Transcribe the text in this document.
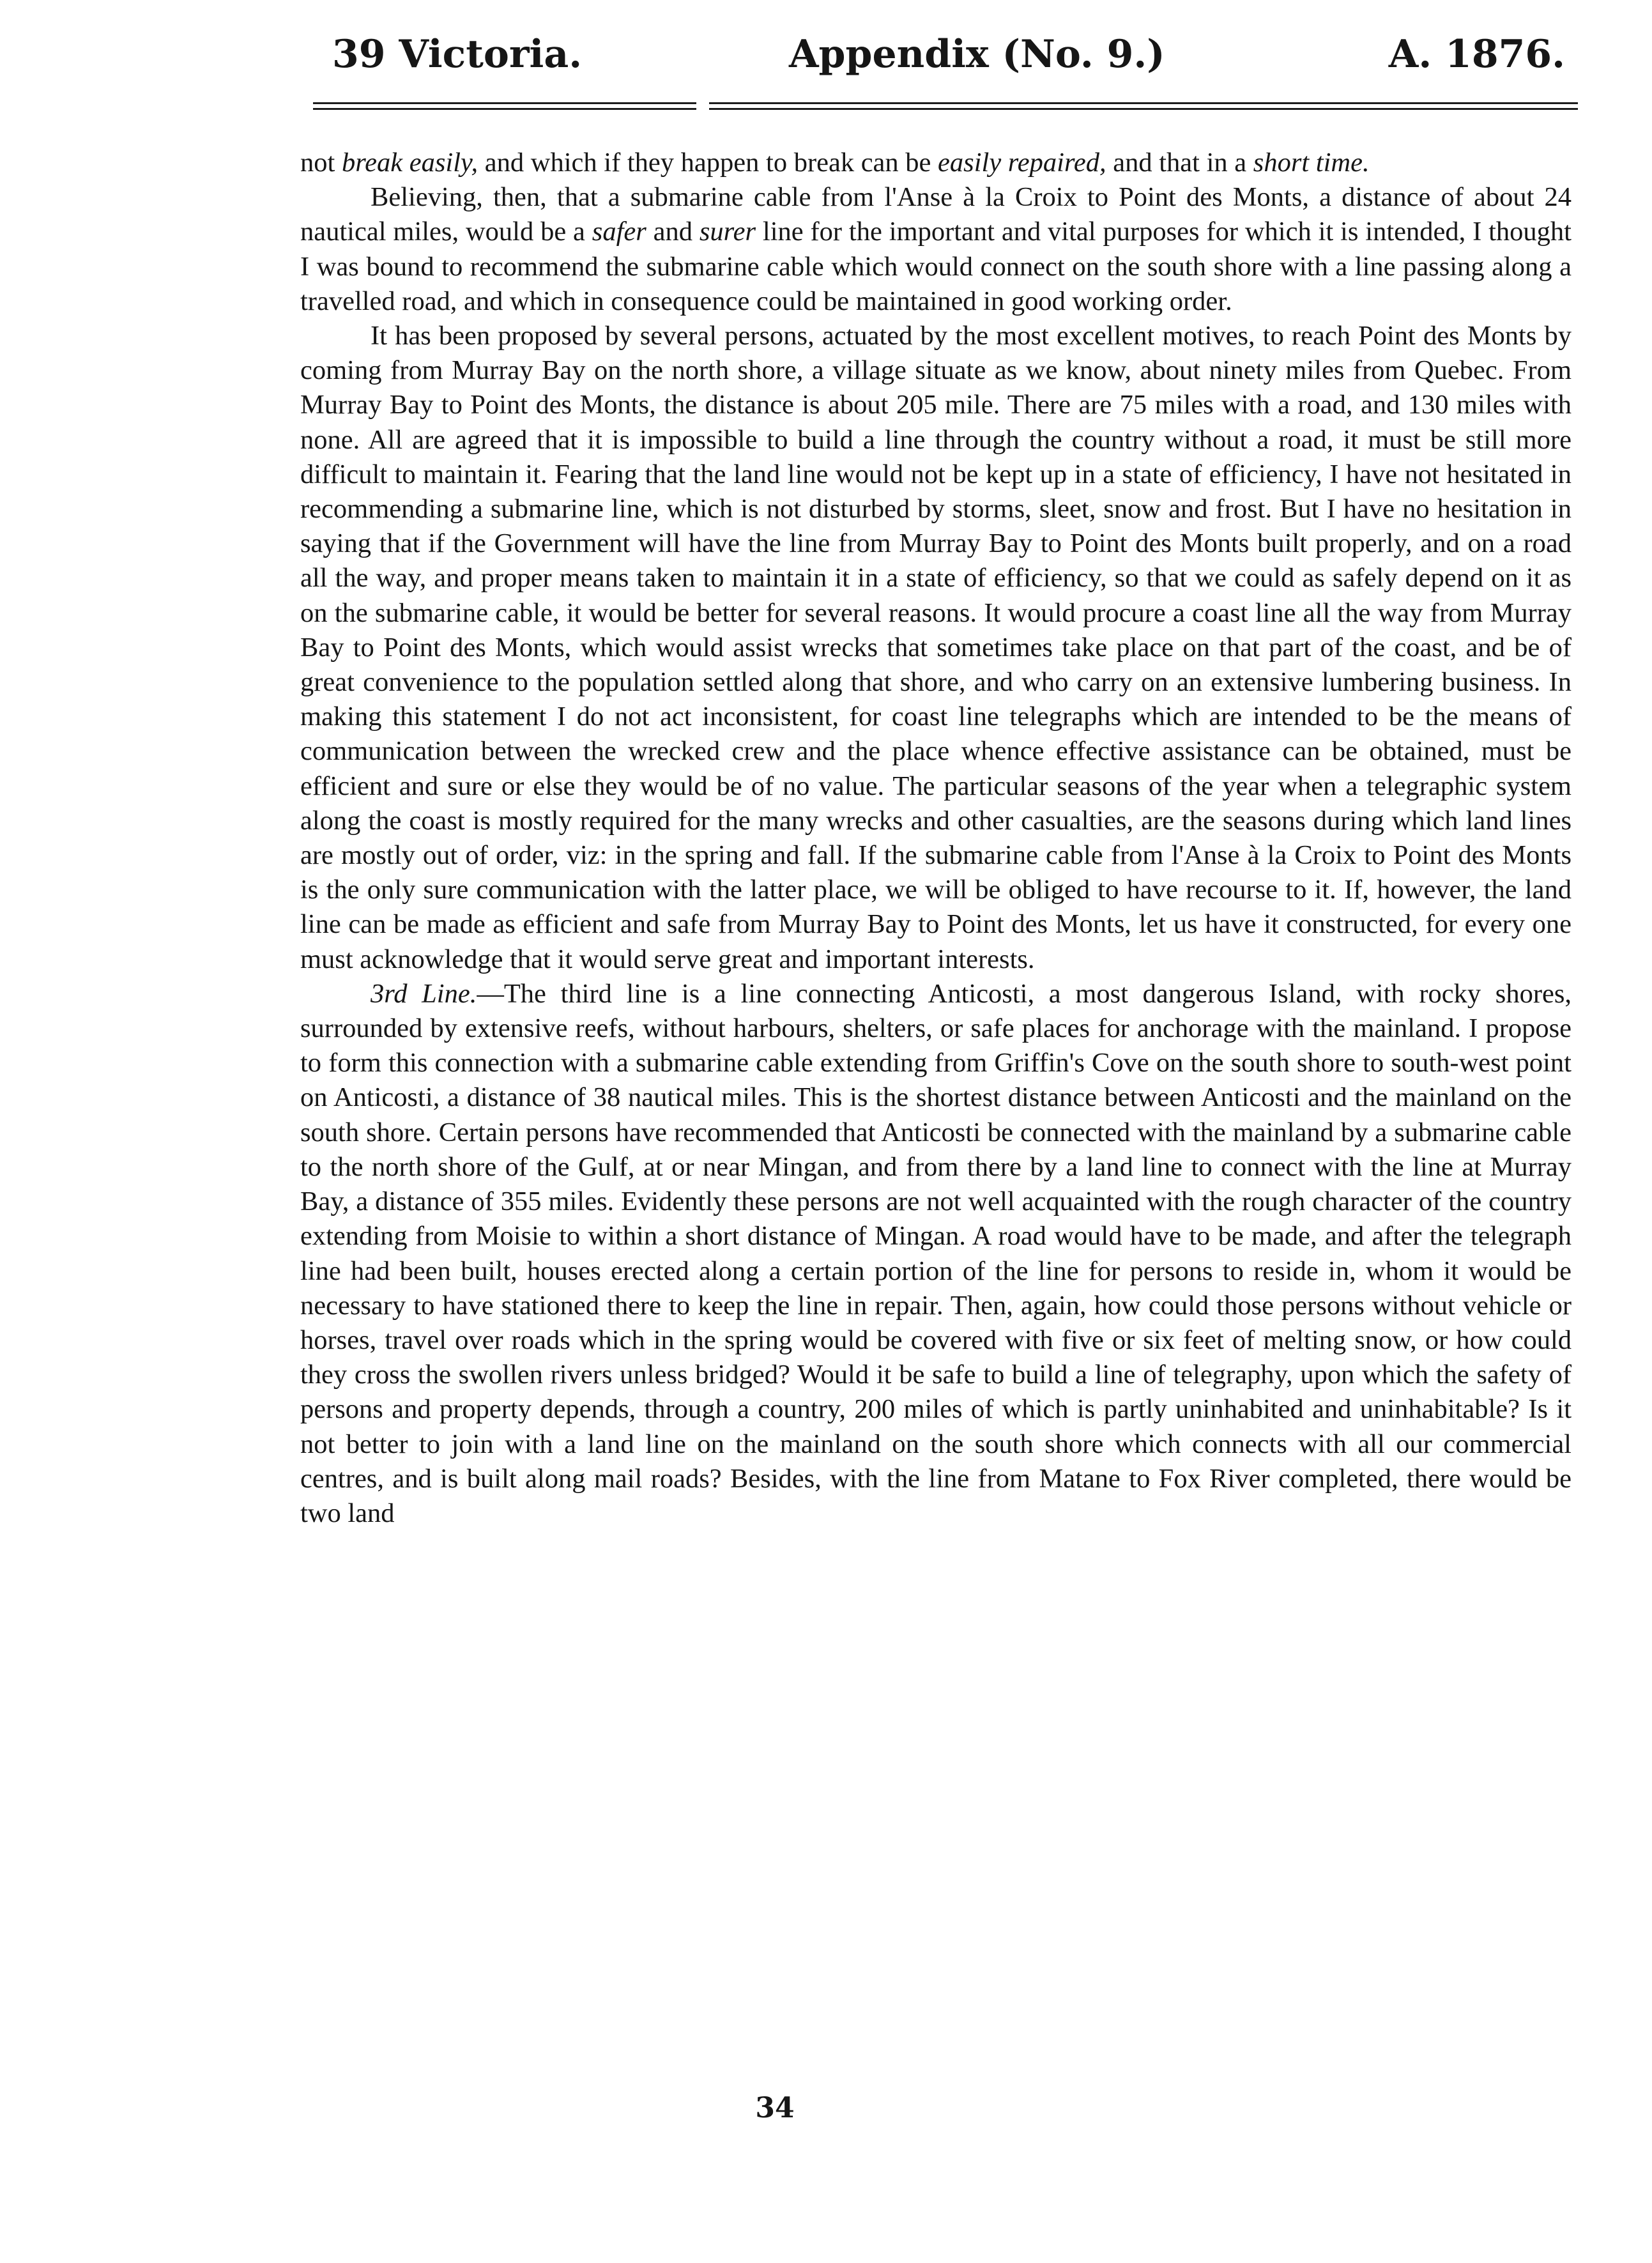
39 Victoria.	Appendix (No. 9.)	A. 1876.

not break easily, and which if they happen to break can be easily repaired, and that in a short time.

Believing, then, that a submarine cable from l'Anse à la Croix to Point des Monts, a distance of about 24 nautical miles, would be a safer and surer line for the important and vital purposes for which it is intended, I thought I was bound to recommend the submarine cable which would connect on the south shore with a line passing along a travelled road, and which in consequence could be maintained in good working order.

It has been proposed by several persons, actuated by the most excellent motives, to reach Point des Monts by coming from Murray Bay on the north shore, a village situate as we know, about ninety miles from Quebec. From Murray Bay to Point des Monts, the distance is about 205 mile. There are 75 miles with a road, and 130 miles with none. All are agreed that it is impossible to build a line through the country without a road, it must be still more difficult to maintain it. Fearing that the land line would not be kept up in a state of efficiency, I have not hesitated in recommending a submarine line, which is not disturbed by storms, sleet, snow and frost. But I have no hesitation in saying that if the Government will have the line from Murray Bay to Point des Monts built properly, and on a road all the way, and proper means taken to maintain it in a state of efficiency, so that we could as safely depend on it as on the submarine cable, it would be better for several reasons. It would procure a coast line all the way from Murray Bay to Point des Monts, which would assist wrecks that sometimes take place on that part of the coast, and be of great convenience to the population settled along that shore, and who carry on an extensive lumbering business. In making this statement I do not act inconsistent, for coast line telegraphs which are intended to be the means of communication between the wrecked crew and the place whence effective assistance can be obtained, must be efficient and sure or else they would be of no value. The particular seasons of the year when a telegraphic system along the coast is mostly required for the many wrecks and other casualties, are the seasons during which land lines are mostly out of order, viz: in the spring and fall. If the submarine cable from l'Anse à la Croix to Point des Monts is the only sure communication with the latter place, we will be obliged to have recourse to it. If, however, the land line can be made as efficient and safe from Murray Bay to Point des Monts, let us have it constructed, for every one must acknowledge that it would serve great and important interests.

3rd Line.—The third line is a line connecting Anticosti, a most dangerous Island, with rocky shores, surrounded by extensive reefs, without harbours, shelters, or safe places for anchorage with the mainland. I propose to form this connection with a submarine cable extending from Griffin's Cove on the south shore to south-west point on Anticosti, a distance of 38 nautical miles. This is the shortest distance between Anticosti and the mainland on the south shore. Certain persons have recommended that Anticosti be connected with the mainland by a submarine cable to the north shore of the Gulf, at or near Mingan, and from there by a land line to connect with the line at Murray Bay, a distance of 355 miles. Evidently these persons are not well acquainted with the rough character of the country extending from Moisie to within a short distance of Mingan. A road would have to be made, and after the telegraph line had been built, houses erected along a certain portion of the line for persons to reside in, whom it would be necessary to have stationed there to keep the line in repair. Then, again, how could those persons without vehicle or horses, travel over roads which in the spring would be covered with five or six feet of melting snow, or how could they cross the swollen rivers unless bridged? Would it be safe to build a line of telegraphy, upon which the safety of persons and property depends, through a country, 200 miles of which is partly uninhabited and uninhabitable? Is it not better to join with a land line on the mainland on the south shore which connects with all our commercial centres, and is built along mail roads? Besides, with the line from Matane to Fox River completed, there would be two land

34
